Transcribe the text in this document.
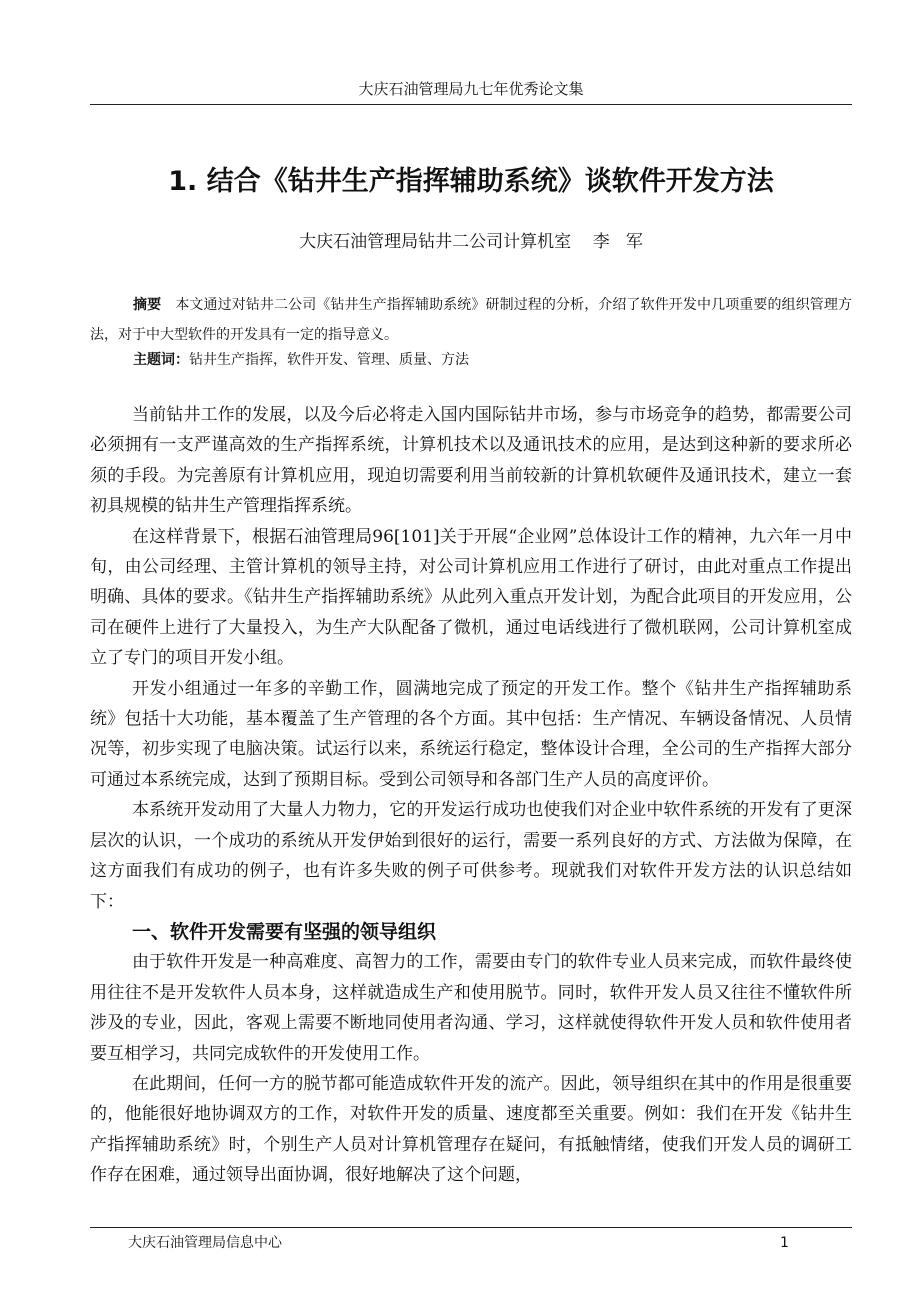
大庆石油管理局九七年优秀论文集
1. 结合《钻井生产指挥辅助系统》谈软件开发方法
大庆石油管理局钻井二公司计算机室    李   军

摘要　 本文通过对钻井二公司《钻井生产指挥辅助系统》研制过程的分析，介绍了软件开发中几项重要的组织管理方法，对于中大型软件的开发具有一定的指导意义。

主题词：钻井生产指挥，软件开发、管理、质量、方法

当前钻井工作的发展，以及今后必将走入国内国际钻井市场，参与市场竞争的趋势，都需要公司必须拥有一支严谨高效的生产指挥系统，计算机技术以及通讯技术的应用，是达到这种新的要求所必须的手段。为完善原有计算机应用，现迫切需要利用当前较新的计算机软硬件及通讯技术，建立一套初具规模的钻井生产管理指挥系统。

在这样背景下，根据石油管理局96[101]关于开展“企业网”总体设计工作的精神，九六年一月中旬，由公司经理、主管计算机的领导主持，对公司计算机应用工作进行了研讨，由此对重点工作提出明确、具体的要求。《钻井生产指挥辅助系统》从此列入重点开发计划，为配合此项目的开发应用，公司在硬件上进行了大量投入，为生产大队配备了微机，通过电话线进行了微机联网，公司计算机室成立了专门的项目开发小组。

开发小组通过一年多的辛勤工作，圆满地完成了预定的开发工作。整个《钻井生产指挥辅助系统》包括十大功能，基本覆盖了生产管理的各个方面。其中包括：生产情况、车辆设备情况、人员情况等，初步实现了电脑决策。试运行以来，系统运行稳定，整体设计合理，全公司的生产指挥大部分可通过本系统完成，达到了预期目标。受到公司领导和各部门生产人员的高度评价。

本系统开发动用了大量人力物力，它的开发运行成功也使我们对企业中软件系统的开发有了更深层次的认识，一个成功的系统从开发伊始到很好的运行，需要一系列良好的方式、方法做为保障，在这方面我们有成功的例子，也有许多失败的例子可供参考。现就我们对软件开发方法的认识总结如下：

一、软件开发需要有坚强的领导组织

由于软件开发是一种高难度、高智力的工作，需要由专门的软件专业人员来完成，而软件最终使用往往不是开发软件人员本身，这样就造成生产和使用脱节。同时，软件开发人员又往往不懂软件所涉及的专业，因此，客观上需要不断地同使用者沟通、学习，这样就使得软件开发人员和软件使用者要互相学习，共同完成软件的开发使用工作。

在此期间，任何一方的脱节都可能造成软件开发的流产。因此，领导组织在其中的作用是很重要的，他能很好地协调双方的工作，对软件开发的质量、速度都至关重要。例如：我们在开发《钻井生产指挥辅助系统》时，个别生产人员对计算机管理存在疑问，有抵触情绪，使我们开发人员的调研工作存在困难，通过领导出面协调，很好地解决了这个问题，

大庆石油管理局信息中心	1
